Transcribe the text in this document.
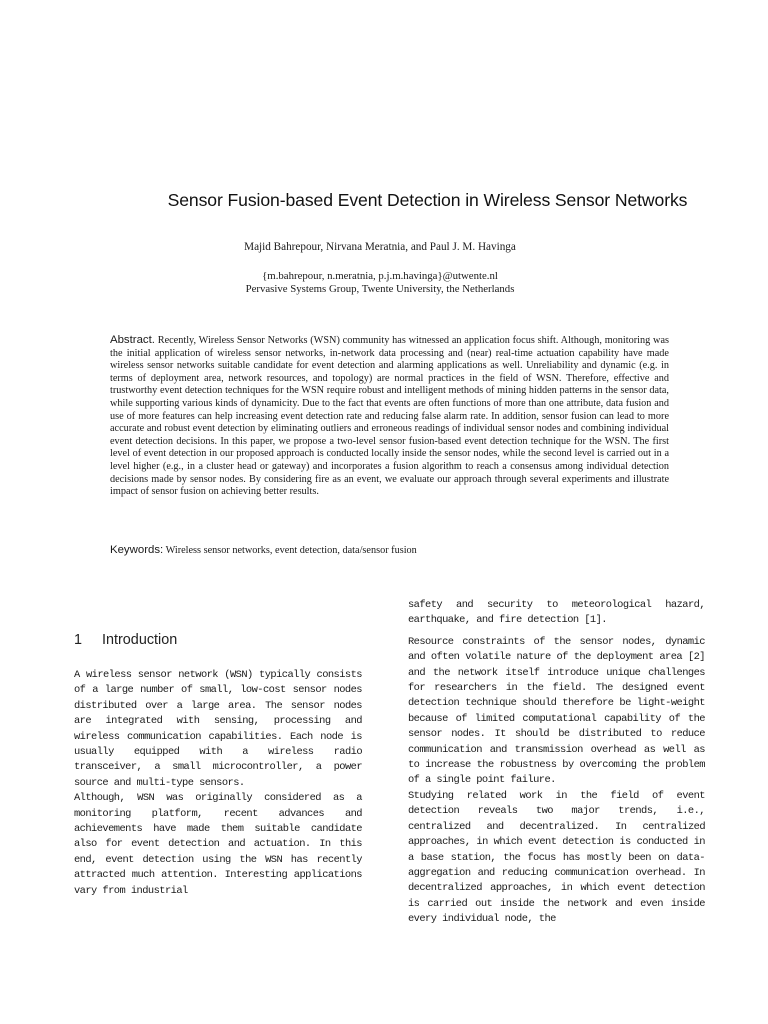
Sensor Fusion-based Event Detection in Wireless Sensor Networks

Majid Bahrepour, Nirvana Meratnia, and Paul J. M. Havinga

{m.bahrepour, n.meratnia, p.j.m.havinga}@utwente.nl
Pervasive Systems Group, Twente University, the Netherlands

Abstract. Recently, Wireless Sensor Networks (WSN) community has witnessed an application focus shift. Although, monitoring was the initial application of wireless sensor networks, in-network data processing and (near) real-time actuation capability have made wireless sensor networks suitable candidate for event detection and alarming applications as well. Unreliability and dynamic (e.g. in terms of deployment area, network resources, and topology) are normal practices in the field of WSN. Therefore, effective and trustworthy event detection techniques for the WSN require robust and intelligent methods of mining hidden patterns in the sensor data, while supporting various kinds of dynamicity. Due to the fact that events are often functions of more than one attribute, data fusion and use of more features can help increasing event detection rate and reducing false alarm rate. In addition, sensor fusion can lead to more accurate and robust event detection by eliminating outliers and erroneous readings of individual sensor nodes and combining individual event detection decisions. In this paper, we propose a two-level sensor fusion-based event detection technique for the WSN. The first level of event detection in our proposed approach is conducted locally inside the sensor nodes, while the second level is carried out in a level higher (e.g., in a cluster head or gateway) and incorporates a fusion algorithm to reach a consensus among individual detection decisions made by sensor nodes. By considering fire as an event, we evaluate our approach through several experiments and illustrate impact of sensor fusion on achieving better results.

Keywords: Wireless sensor networks, event detection, data/sensor fusion

1 Introduction

A wireless sensor network (WSN) typically consists of a large number of small, low-cost sensor nodes distributed over a large area. The sensor nodes are integrated with sensing, processing and wireless communication capabilities. Each node is usually equipped with a wireless radio transceiver, a small microcontroller, a power source and multi-type sensors.

Although, WSN was originally considered as a monitoring platform, recent advances and achievements have made them suitable candidate also for event detection and actuation. In this end, event detection using the WSN has recently attracted much attention. Interesting applications vary from industrial

safety and security to meteorological hazard, earthquake, and fire detection [1].

Resource constraints of the sensor nodes, dynamic and often volatile nature of the deployment area [2] and the network itself introduce unique challenges for researchers in the field. The designed event detection technique should therefore be light-weight because of limited computational capability of the sensor nodes. It should be distributed to reduce communication and transmission overhead as well as to increase the robustness by overcoming the problem of a single point failure.

Studying related work in the field of event detection reveals two major trends, i.e., centralized and decentralized. In centralized approaches, in which event detection is conducted in a base station, the focus has mostly been on data-aggregation and reducing communication overhead. In decentralized approaches, in which event detection is carried out inside the network and even inside every individual node, the
